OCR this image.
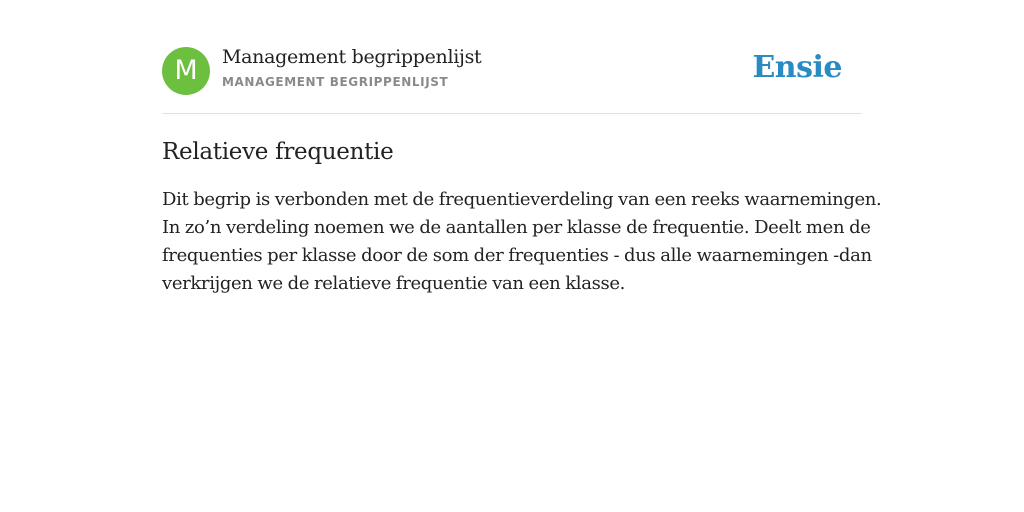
M	Management begrippenlijst
MANAGEMENT BEGRIPPENLIJST	Ensie
Relatieve frequentie
Dit begrip is verbonden met de frequentieverdeling van een reeks waarnemingen.
In zo’n verdeling noemen we de aantallen per klasse de frequentie. Deelt men de
frequenties per klasse door de som der frequenties - dus alle waarnemingen -dan
verkrijgen we de relatieve frequentie van een klasse.
